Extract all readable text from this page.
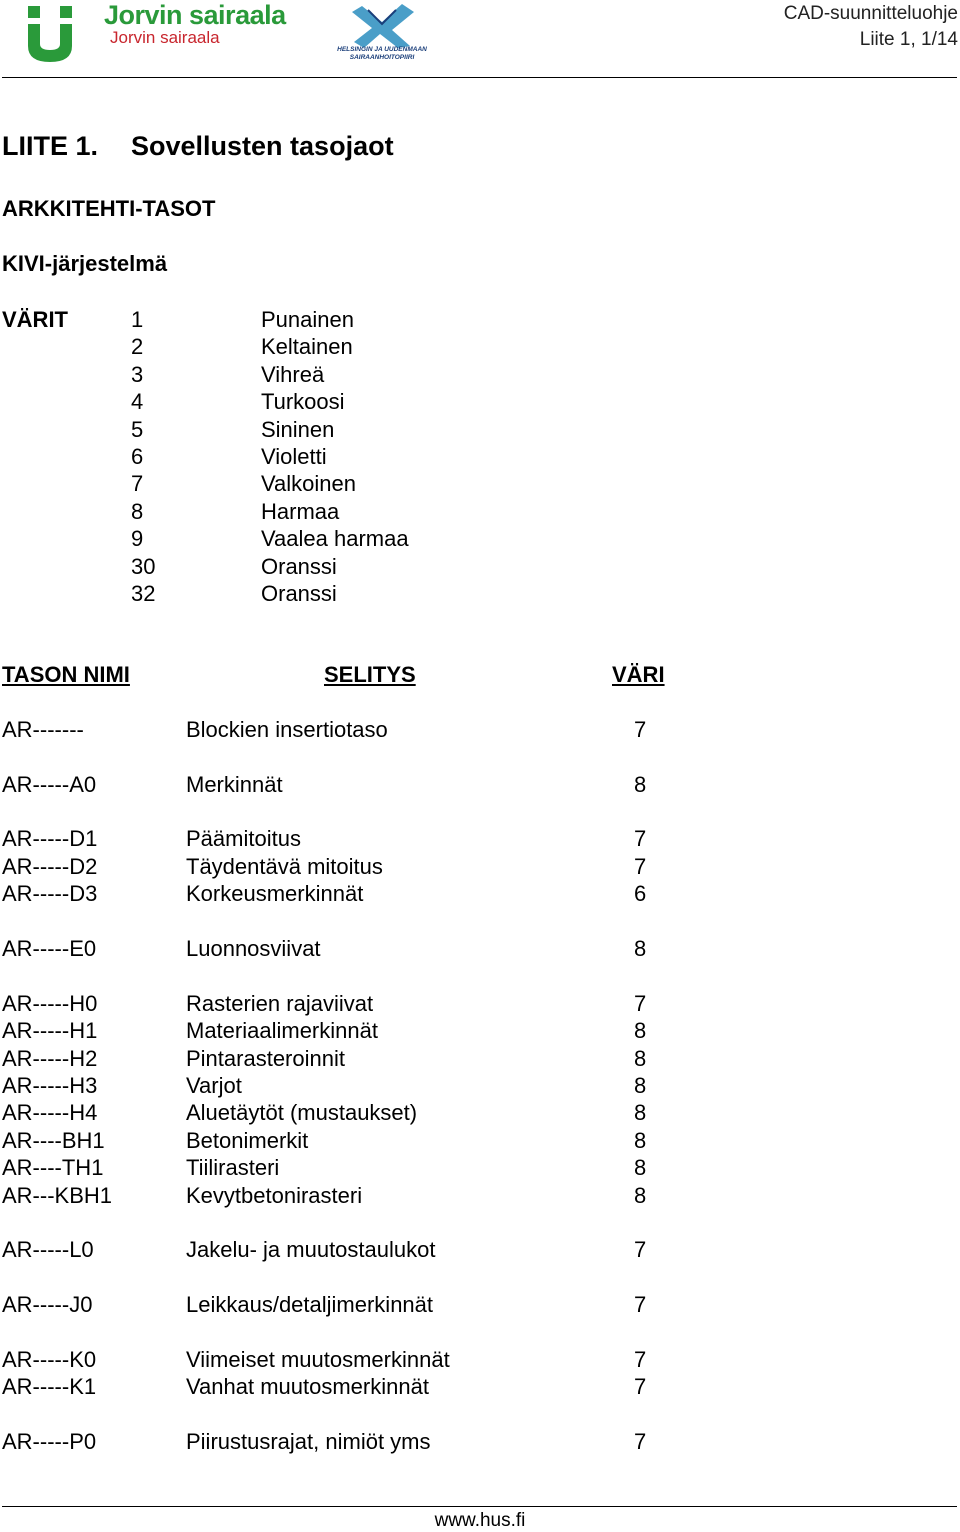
Jorvin sairaala
Jorvin sairaala
HELSINGIN JA UUDENMAAN SAIRAANHOITOPIIRI
CAD-suunnitteluohje
Liite 1, 1/14
LIITE 1. Sovellusten tasojaot
ARKKITEHTI-TASOT
KIVI-järjestelmä
VÄRIT	1	Punainen
2	Keltainen
3	Vihreä
4	Turkoosi
5	Sininen
6	Violetti
7	Valkoinen
8	Harmaa
9	Vaalea harmaa
30	Oranssi
32	Oranssi
TASON NIMI	SELITYS	VÄRI
AR-------	Blockien insertiotaso	7
AR-----A0	Merkinnät	8
AR-----D1	Päämitoitus	7
AR-----D2	Täydentävä mitoitus	7
AR-----D3	Korkeusmerkinnät	6
AR-----E0	Luonnosviivat	8
AR-----H0	Rasterien rajaviivat	7
AR-----H1	Materiaalimerkinnät	8
AR-----H2	Pintarasteroinnit	8
AR-----H3	Varjot	8
AR-----H4	Aluetäytöt (mustaukset)	8
AR----BH1	Betonimerkit	8
AR----TH1	Tiilirasteri	8
AR---KBH1	Kevytbetonirasteri	8
AR-----L0	Jakelu- ja muutostaulukot	7
AR-----J0	Leikkaus/detaljimerkinnät	7
AR-----K0	Viimeiset muutosmerkinnät	7
AR-----K1	Vanhat muutosmerkinnät	7
AR-----P0	Piirustusrajat, nimiöt yms	7
www.hus.fi
